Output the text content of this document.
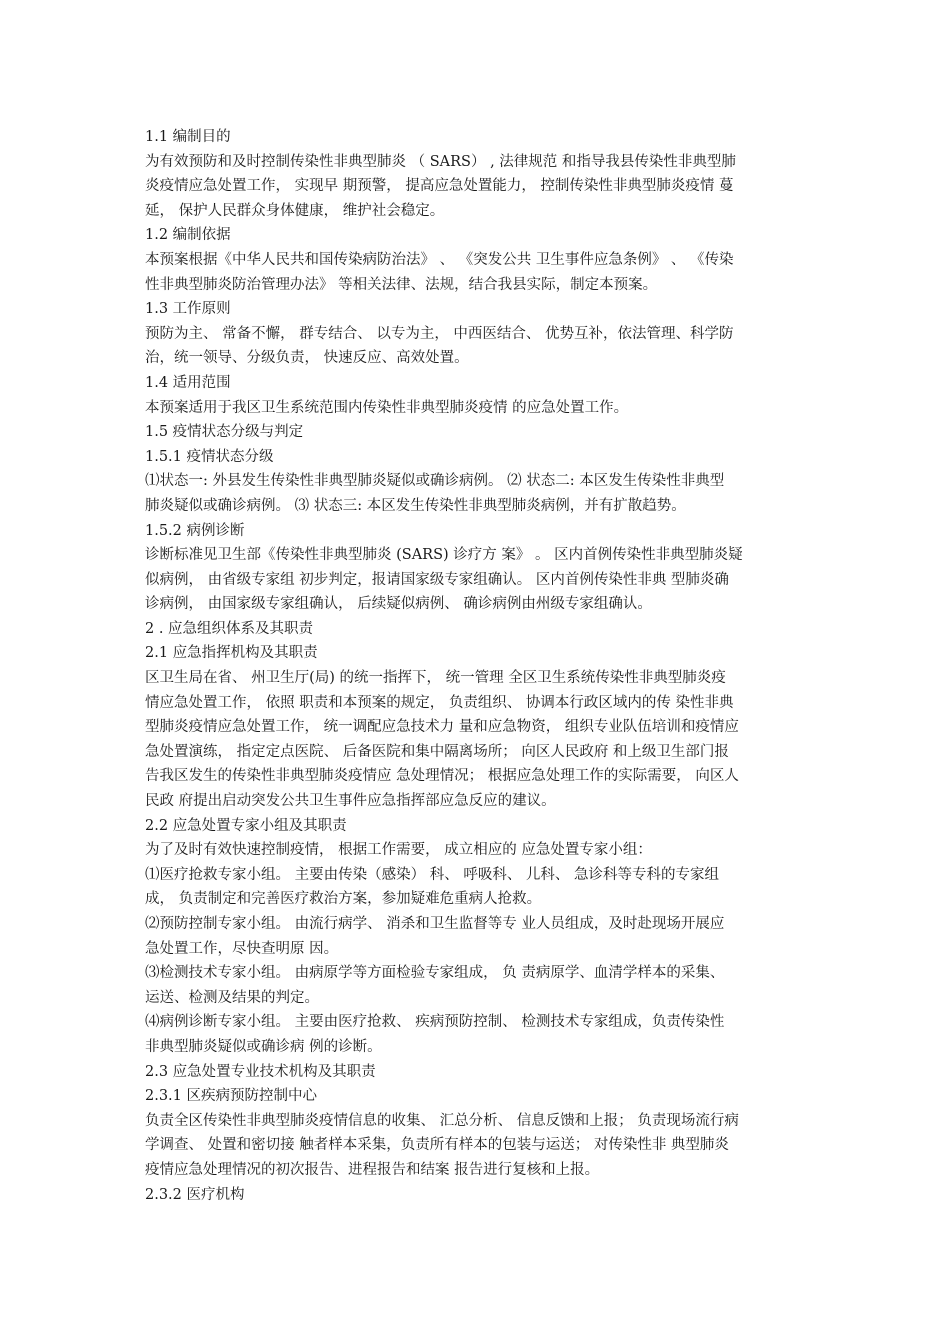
1.1 编制目的

为有效预防和及时控制传染性非典型肺炎 （ SARS） , 法律规范 和指导我县传染性非典型肺

炎疫情应急处置工作， 实现早 期预警， 提高应急处置能力， 控制传染性非典型肺炎疫情 蔓

延， 保护人民群众身体健康， 维护社会稳定。

1.2 编制依据

本预案根据《中华人民共和国传染病防治法》 、 《突发公共 卫生事件应急条例》 、 《传染

性非典型肺炎防治管理办法》 等相关法律、法规，结合我县实际，制定本预案。

1.3 工作原则

预防为主、 常备不懈， 群专结合、 以专为主， 中西医结合、 优势互补，依法管理、科学防

治，统一领导、分级负责， 快速反应、高效处置。

1.4 适用范围

本预案适用于我区卫生系统范围内传染性非典型肺炎疫情 的应急处置工作。

1.5 疫情状态分级与判定

1.5.1 疫情状态分级

⑴状态一: 外县发生传染性非典型肺炎疑似或确诊病例。 ⑵ 状态二: 本区发生传染性非典型

肺炎疑似或确诊病例。 ⑶ 状态三: 本区发生传染性非典型肺炎病例，并有扩散趋势。

1.5.2 病例诊断

诊断标准见卫生部《传染性非典型肺炎 (SARS) 诊疗方 案》 。 区内首例传染性非典型肺炎疑

似病例， 由省级专家组 初步判定，报请国家级专家组确认。 区内首例传染性非典 型肺炎确

诊病例， 由国家级专家组确认， 后续疑似病例、 确诊病例由州级专家组确认。

2 . 应急组织体系及其职责

2.1 应急指挥机构及其职责

区卫生局在省、 州卫生厅(局) 的统一指挥下， 统一管理 全区卫生系统传染性非典型肺炎疫

情应急处置工作， 依照 职责和本预案的规定， 负责组织、 协调本行政区域内的传 染性非典

型肺炎疫情应急处置工作， 统一调配应急技术力 量和应急物资， 组织专业队伍培训和疫情应

急处置演练， 指定定点医院、 后备医院和集中隔离场所； 向区人民政府 和上级卫生部门报

告我区发生的传染性非典型肺炎疫情应 急处理情况； 根据应急处理工作的实际需要， 向区人

民政 府提出启动突发公共卫生事件应急指挥部应急反应的建议。

2.2 应急处置专家小组及其职责

为了及时有效快速控制疫情， 根据工作需要， 成立相应的 应急处置专家小组：

⑴医疗抢救专家小组。 主要由传染（感染） 科、 呼吸科、 儿科、 急诊科等专科的专家组

成， 负责制定和完善医疗救治方案，参加疑难危重病人抢救。

⑵预防控制专家小组。 由流行病学、 消杀和卫生监督等专 业人员组成，及时赴现场开展应

急处置工作，尽快查明原 因。

⑶检测技术专家小组。 由病原学等方面检验专家组成， 负 责病原学、血清学样本的采集、

运送、检测及结果的判定。

⑷病例诊断专家小组。 主要由医疗抢救、 疾病预防控制、 检测技术专家组成，负责传染性

非典型肺炎疑似或确诊病 例的诊断。

2.3 应急处置专业技术机构及其职责

2.3.1 区疾病预防控制中心

负责全区传染性非典型肺炎疫情信息的收集、 汇总分析、 信息反馈和上报； 负责现场流行病

学调查、 处置和密切接 触者样本采集，负责所有样本的包装与运送； 对传染性非 典型肺炎

疫情应急处理情况的初次报告、进程报告和结案 报告进行复核和上报。

2.3.2 医疗机构
